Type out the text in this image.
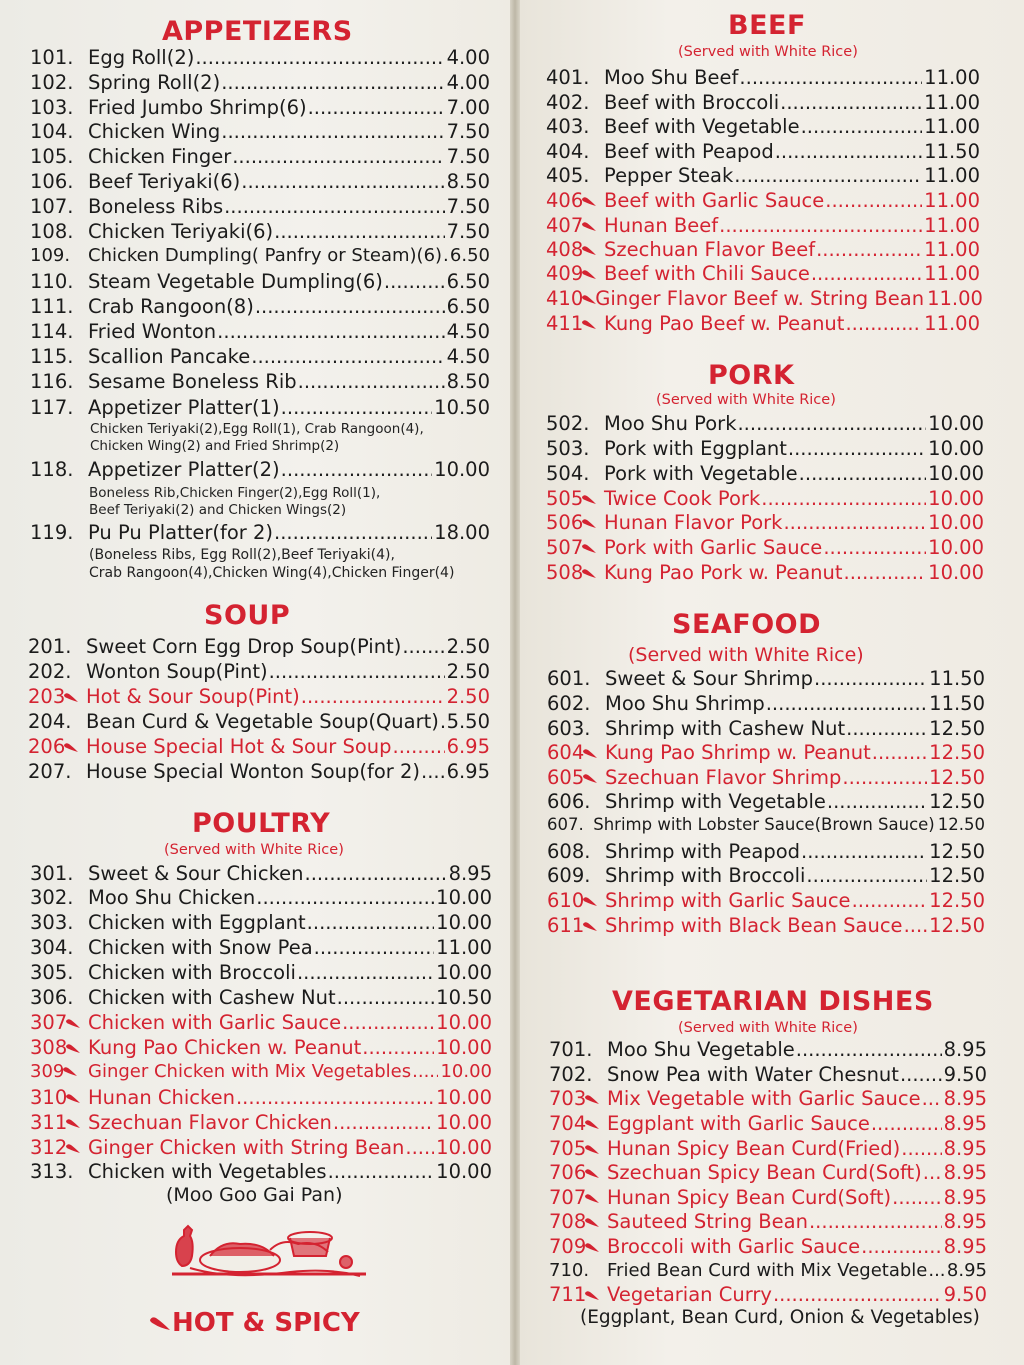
APPETIZERS
SOUP
POULTRY
(Served with White Rice)
BEEF
(Served with White Rice)
PORK
(Served with White Rice)
SEAFOOD
(Served with White Rice)
VEGETARIAN DISHES
(Served with White Rice)
101. Egg Roll(2) .....	4.00
102. Spring Roll(2) .....	4.00
103. Fried Jumbo Shrimp(6) .....	7.00
104. Chicken Wing .....	7.50
105. Chicken Finger .....	7.50
106. Beef Teriyaki(6) .....	8.50
107. Boneless Ribs .....	7.50
108. Chicken Teriyaki(6) .....	7.50
109. Chicken Dumpling( Panfry or Steam)(6) ..... 6.50
110. Steam Vegetable Dumpling(6) .....	6.50
111. Crab Rangoon(8) .....	6.50
114. Fried Wonton .....	4.50
115. Scallion Pancake .....	4.50
116. Sesame Boneless Rib .....	8.50
117. Appetizer Platter(1) .....	10.50
118. Appetizer Platter(2) .....	10.00
119. Pu Pu Platter(for 2) .....	18.00
201. Sweet Corn Egg Drop Soup(Pint) ..... 2.50
202. Wonton Soup(Pint) .....	2.50
203	Hot & Sour Soup(Pint) .....	2.50
204. Bean Curd & Vegetable Soup(Quart) ..... 5.50
206	House Special Hot & Sour Soup .....	6.95
207. House Special Wonton Soup(for 2) ..... 6.95
301. Sweet & Sour Chicken .....	8.95
302. Moo Shu Chicken .....	10.00
303. Chicken with Eggplant .....	10.00
304. Chicken with Snow Pea .....	11.00
305. Chicken with Broccoli .....	10.00
306. Chicken with Cashew Nut .....	10.50
307	Chicken with Garlic Sauce .....	10.00
308	Kung Pao Chicken w. Peanut .....	10.00
309	Ginger Chicken with Mix Vegetables ..... 10.00
310	Hunan Chicken .....	10.00
311	Szechuan Flavor Chicken .....	10.00
312	Ginger Chicken with String Bean ..... 10.00
313. Chicken with Vegetables .....	10.00
401. Moo Shu Beef .....	11.00
402. Beef with Broccoli .....	11.00
403. Beef with Vegetable .....	11.00
404. Beef with Peapod .....	11.50
405. Pepper Steak .....	11.00
406	Beef with Garlic Sauce .....	11.00
407	Hunan Beef .....	11.00
408	Szechuan Flavor Beef .....	11.00
409	Beef with Chili Sauce .....	11.00
410 Ginger Flavor Beef w. String Bean 11.00
411	Kung Pao Beef w. Peanut .....	11.00
502. Moo Shu Pork .....	10.00
503. Pork with Eggplant .....	10.00
504. Pork with Vegetable .....	10.00
505	Twice Cook Pork .....	10.00
506	Hunan Flavor Pork .....	10.00
507	Pork with Garlic Sauce .....	10.00
508	Kung Pao Pork w. Peanut .....	10.00
601. Sweet & Sour Shrimp .....	11.50
602. Moo Shu Shrimp .....	11.50
603. Shrimp with Cashew Nut .....	12.50
604	Kung Pao Shrimp w. Peanut .....	12.50
605	Szechuan Flavor Shrimp .....	12.50
606. Shrimp with Vegetable .....	12.50
607. Shrimp with Lobster Sauce(Brown Sauce) 12.50
608. Shrimp with Peapod .....	12.50
609. Shrimp with Broccoli .....	12.50
610	Shrimp with Garlic Sauce .....	12.50
611	Shrimp with Black Bean Sauce ..... 12.50
701. Moo Shu Vegetable .....	8.95
702. Snow Pea with Water Chesnut ..... 9.50
703	Mix Vegetable with Garlic Sauce ..... 8.95
704	Eggplant with Garlic Sauce .....	8.95
705	Hunan Spicy Bean Curd(Fried) ..... 8.95
706	Szechuan Spicy Bean Curd(Soft) ..... 8.95
707	Hunan Spicy Bean Curd(Soft) .....	8.95
708	Sauteed String Bean .....	8.95
709	Broccoli with Garlic Sauce .....	8.95
710. Fried Bean Curd with Mix Vegetable ..... 8.95
711	Vegetarian Curry .....	9.50
Chicken Teriyaki(2),Egg Roll(1), Crab Rangoon(4),
Chicken Wing(2) and Fried Shrimp(2)
Boneless Rib,Chicken Finger(2),Egg Roll(1),
Beef Teriyaki(2) and Chicken Wings(2)
(Boneless Ribs, Egg Roll(2),Beef Teriyaki(4),
Crab Rangoon(4),Chicken Wing(4),Chicken Finger(4)
(Moo Goo Gai Pan)
(Eggplant, Bean Curd, Onion & Vegetables)
HOT & SPICY
